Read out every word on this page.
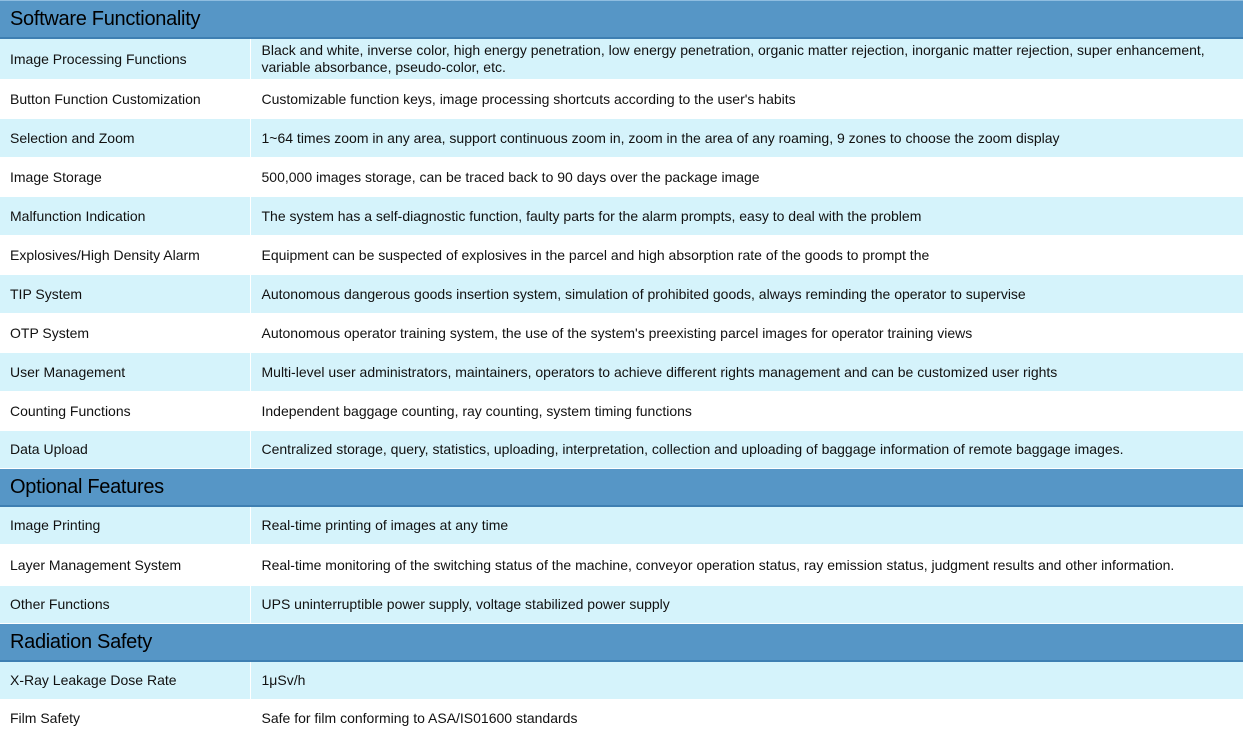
Software Functionality	
Image Processing Functions	Black and white, inverse color, high energy penetration, low energy penetration, organic matter rejection, inorganic matter rejection, super enhancement, variable absorbance, pseudo-color, etc.
Button Function Customization	Customizable function keys, image processing shortcuts according to the user's habits
Selection and Zoom	1~64 times zoom in any area, support continuous zoom in, zoom in the area of any roaming, 9 zones to choose the zoom display
Image Storage	500,000 images storage, can be traced back to 90 days over the package image
Malfunction Indication	The system has a self-diagnostic function, faulty parts for the alarm prompts, easy to deal with the problem
Explosives/High Density Alarm	Equipment can be suspected of explosives in the parcel and high absorption rate of the goods to prompt the
TIP System	Autonomous dangerous goods insertion system, simulation of prohibited goods, always reminding the operator to supervise
OTP System	Autonomous operator training system, the use of the system's preexisting parcel images for operator training views
User Management	Multi-level user administrators, maintainers, operators to achieve different rights management and can be customized user rights
Counting Functions	Independent baggage counting, ray counting, system timing functions
Data Upload	Centralized storage, query, statistics, uploading, interpretation, collection and uploading of baggage information of remote baggage images.
Optional Features	
Image Printing	Real-time printing of images at any time
Layer Management System	Real-time monitoring of the switching status of the machine, conveyor operation status, ray emission status, judgment results and other information.
Other Functions	UPS uninterruptible power supply, voltage stabilized power supply
Radiation Safety	
X-Ray Leakage Dose Rate	1μSv/h
Film Safety	Safe for film conforming to ASA/IS01600 standards
